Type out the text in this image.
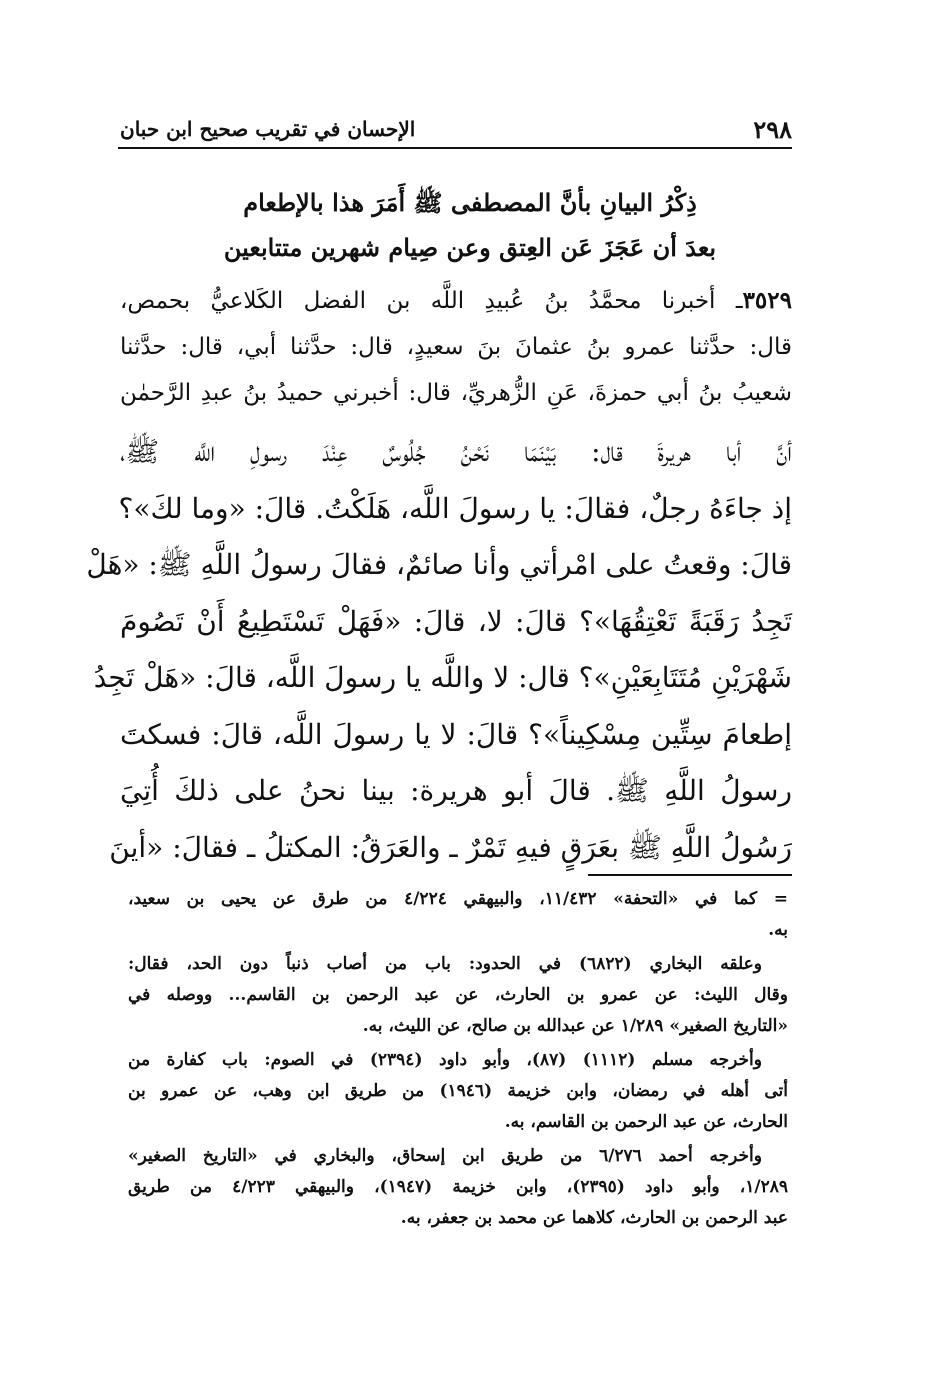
٢٩٨
الإحسان في تقريب صحيح ابن حبان
ذِكْرُ البيانِ بأنَّ المصطفى ﷺ أَمَرَ هذا بالإطعام
بعدَ أن عَجَزَ عَن العِتق وعن صِيام شهرين متتابعين
٣٥٢٩ـ أخبرنا محمَّدُ بنُ عُبيدِ اللَّه بن الفضل الكَلاعيُّ بحمص،
قال: حدَّثنا عمرو بنُ عثمانَ بنَ سعيدٍ، قال: حدَّثنا أبي، قال: حدَّثنا
شعيبُ بنُ أبي حمزةَ، عَنِ الزُّهريِّ، قال: أخبرني حميدُ بنُ عبدِ الرَّحمٰن
أنَّ أبا هريرةَ قال: بَيْنَمَا نَحْنُ جُلُوسٌ عِنْدَ رسولِ اللَّه ﷺ،
إذ جاءَهُ رجلٌ، فقالَ: يا رسولَ اللَّه، هَلَكْتُ. قالَ: «وما لكَ»؟
قالَ: وقعتُ على امْرأتي وأنا صائمٌ، فقالَ رسولُ اللَّهِ ﷺ: «هَلْ
تَجِدُ رَقَبَةً تَعْتِقُهَا»؟ قالَ: لا، قالَ: «فَهَلْ تَسْتَطِيعُ أَنْ تَصُومَ
شَهْرَيْنِ مُتَتَابِعَيْنِ»؟ قال: لا واللَّه يا رسولَ اللَّه، قالَ: «هَلْ تَجِدُ
إطعامَ سِتِّين مِسْكِيناً»؟ قالَ: لا يا رسولَ اللَّه، قالَ: فسكتَ
رسولُ اللَّهِ ﷺ. قالَ أبو هريرة: بينا نحنُ على ذلكَ أُتِيَ
رَسُولُ اللَّهِ ﷺ بعَرَقٍ فيهِ تَمْرٌ ـ والعَرَقُ: المكتلُ ـ فقالَ: «أينَ
= كما في «التحفة» ١١/٤٣٢، والبيهقي ٤/٢٢٤ من طرق عن يحيى بن سعيد،
به.
وعلقه البخاري (٦٨٢٢) في الحدود: باب من أصاب ذنباً دون الحد، فقال:
وقال الليث: عن عمرو بن الحارث، عن عبد الرحمن بن القاسم... ووصله في
«التاريخ الصغير» ١/٢٨٩ عن عبدالله بن صالح، عن الليث، به.
وأخرجه مسلم (١١١٢) (٨٧)، وأبو داود (٢٣٩٤) في الصوم: باب كفارة من
أتى أهله في رمضان، وابن خزيمة (١٩٤٦) من طريق ابن وهب، عن عمرو بن
الحارث، عن عبد الرحمن بن القاسم، به.
وأخرجه أحمد ٦/٢٧٦ من طريق ابن إسحاق، والبخاري في «التاريخ الصغير»
١/٢٨٩، وأبو داود (٢٣٩٥)، وابن خزيمة (١٩٤٧)، والبيهقي ٤/٢٢٣ من طريق
عبد الرحمن بن الحارث، كلاهما عن محمد بن جعفر، به.
